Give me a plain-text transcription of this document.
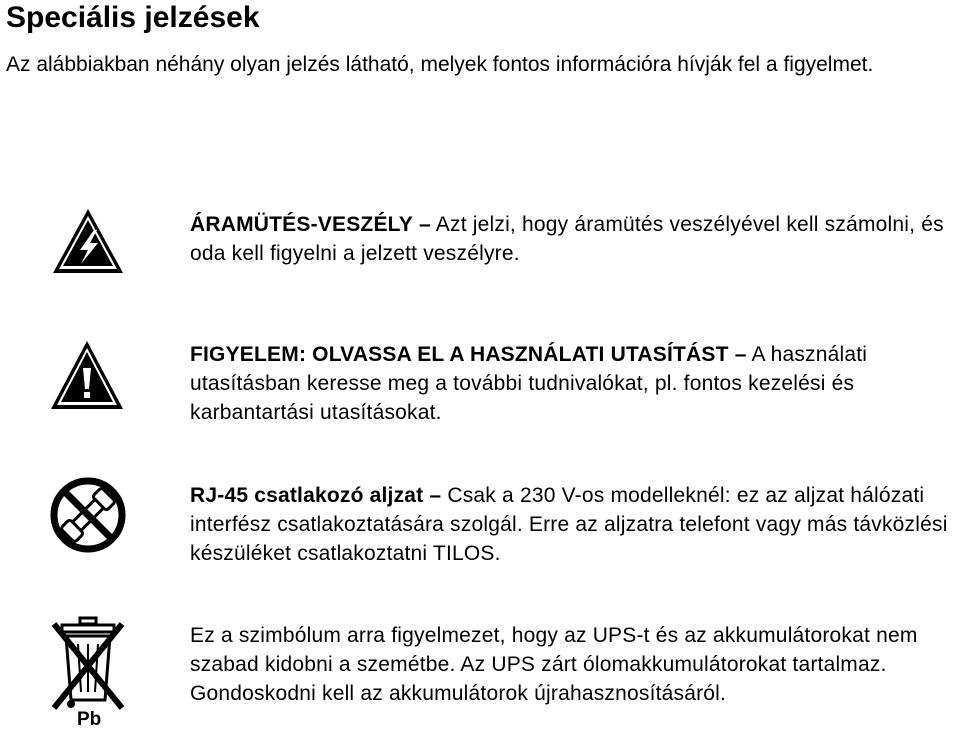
Speciális jelzések

Az alábbiakban néhány olyan jelzés látható, melyek fontos információra hívják fel a figyelmet.

ÁRAMÜTÉS-VESZÉLY – Azt jelzi, hogy áramütés veszélyével kell számolni, és oda kell figyelni a jelzett veszélyre.

FIGYELEM: OLVASSA EL A HASZNÁLATI UTASÍTÁST – A használati utasításban keresse meg a további tudnivalókat, pl. fontos kezelési és karbantartási utasításokat.

RJ-45 csatlakozó aljzat – Csak a 230 V-os modelleknél: ez az aljzat hálózati interfész csatlakoztatására szolgál. Erre az aljzatra telefont vagy más távközlési készüléket csatlakoztatni TILOS.

Pb

Ez a szimbólum arra figyelmezet, hogy az UPS-t és az akkumulátorokat nem szabad kidobni a szemétbe. Az UPS zárt ólomakkumulátorokat tartalmaz. Gondoskodni kell az akkumulátorok újrahasznosításáról.
